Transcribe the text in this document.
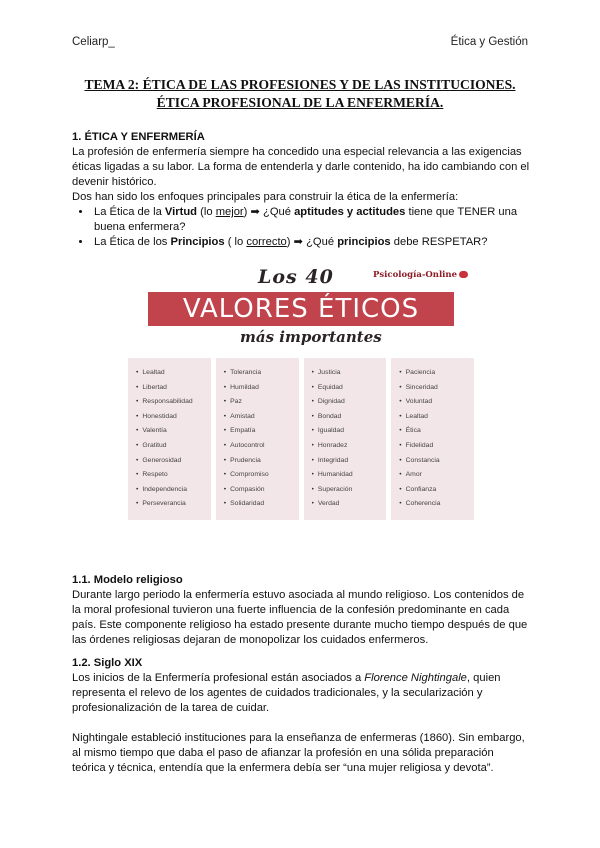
Celiarp_	Ética y Gestión
TEMA 2: ÉTICA DE LAS PROFESIONES Y DE LAS INSTITUCIONES.
ÉTICA PROFESIONAL DE LA ENFERMERÍA.
1. ÉTICA Y ENFERMERÍA

La profesión de enfermería siempre ha concedido una especial relevancia a las exigencias éticas ligadas a su labor. La forma de entenderla y darle contenido, ha ido cambiando con el devenir histórico.

Dos han sido los enfoques principales para construir la ética de la enfermería:

• La Ética de la Virtud (lo mejor) ➡ ¿Qué aptitudes y actitudes tiene que TENER una buena enfermera?
• La Ética de los Principios ( lo correcto) ➡ ¿Qué principios debe RESPETAR?
1.1. Modelo religioso

Durante largo periodo la enfermería estuvo asociada al mundo religioso. Los contenidos de la moral profesional tuvieron una fuerte influencia de la confesión predominante en cada país. Este componente religioso ha estado presente durante mucho tiempo después de que las órdenes religiosas dejaran de monopolizar los cuidados enfermeros.

1.2. Siglo XIX

Los inicios de la Enfermería profesional están asociados a Florence Nightingale, quien representa el relevo de los agentes de cuidados tradicionales, y la secularización y profesionalización de la tarea de cuidar.

Nightingale estableció instituciones para la enseñanza de enfermeras (1860). Sin embargo, al mismo tiempo que daba el paso de afianzar la profesión en una sólida preparación teórica y técnica, entendía que la enfermera debía ser “una mujer religiosa y devota”.

Los 40	Psicología-Online
VALORES ÉTICOS
más importantes
• Lealtad
• Libertad
• Responsabilidad
• Honestidad
• Valentía
• Gratitud
• Generosidad
• Respeto
• Independencia
• Perseverancia
• Tolerancia
• Humildad
• Paz
• Amistad
• Empatía
• Autocontrol
• Prudencia
• Compromiso
• Compasión
• Solidaridad
• Justicia
• Equidad
• Dignidad
• Bondad
• Igualdad
• Honradez
• Integridad
• Humanidad
• Superación
• Verdad
• Paciencia
• Sinceridad
• Voluntad
• Lealtad
• Ética
• Fidelidad
• Constancia
• Amor
• Confianza
• Coherencia
